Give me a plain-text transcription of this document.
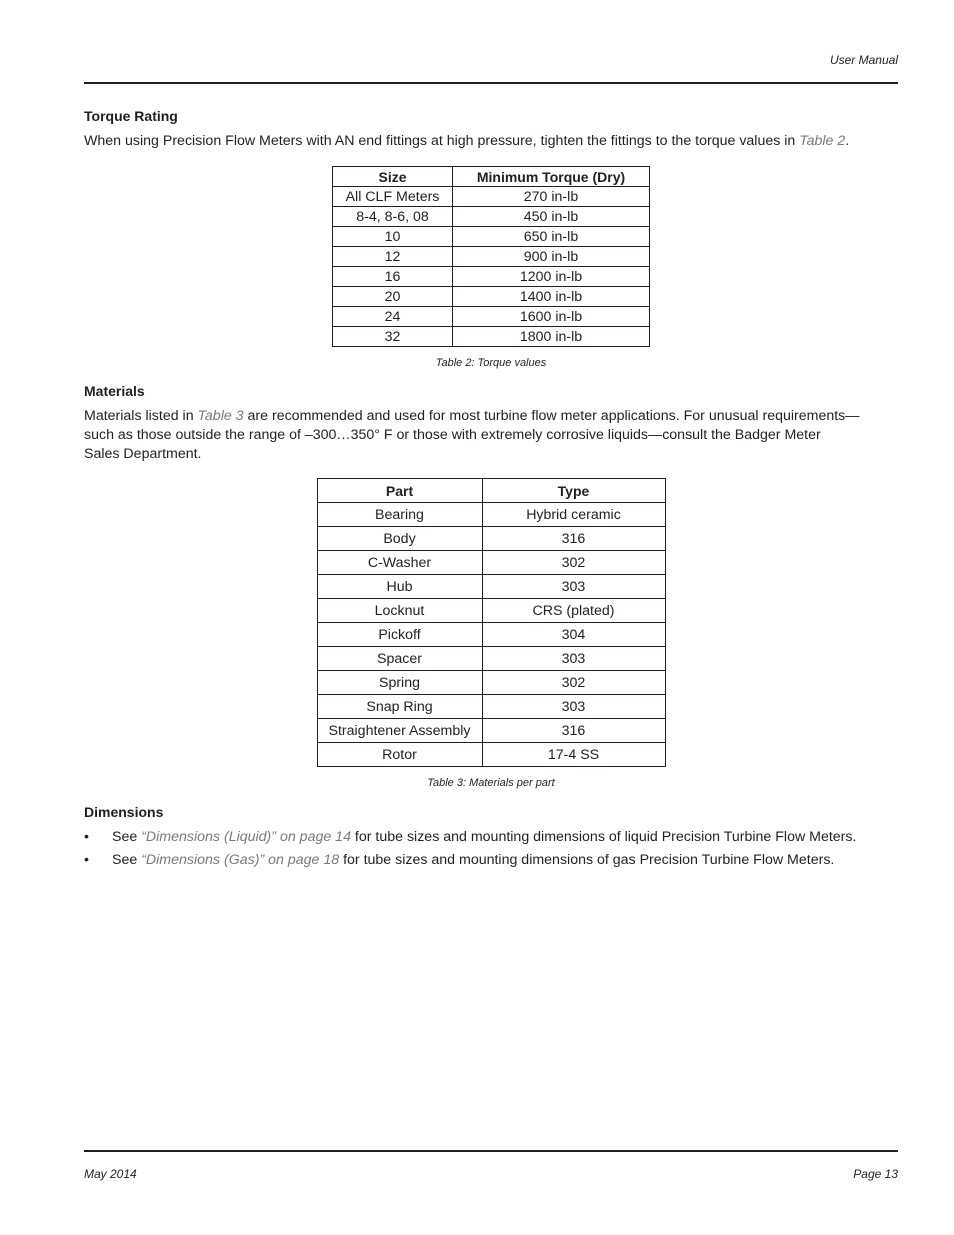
User Manual
Torque Rating

When using Precision Flow Meters with AN end fittings at high pressure, tighten the fittings to the torque values in Table 2.

Size	Minimum Torque (Dry)
All CLF Meters	270 in-lb
8-4, 8-6, 08	450 in-lb
10	650 in-lb
12	900 in-lb
16	1200 in-lb
20	1400 in-lb
24	1600 in-lb
32	1800 in-lb
Table 2: Torque values
Materials

Materials listed in Table 3 are recommended and used for most turbine flow meter applications. For unusual requirements—
such as those outside the range of –300…350° F or those with extremely corrosive liquids—consult the Badger Meter
Sales Department.

Part	Type
Bearing	Hybrid ceramic
Body	316
C-Washer	302
Hub	303
Locknut	CRS (plated)
Pickoff	304
Spacer	303
Spring	302
Snap Ring	303
Straightener Assembly	316
Rotor	17-4 SS
Table 3: Materials per part
Dimensions
• See “Dimensions (Liquid)” on page 14 for tube sizes and mounting dimensions of liquid Precision Turbine Flow Meters.
• See “Dimensions (Gas)” on page 18 for tube sizes and mounting dimensions of gas Precision Turbine Flow Meters.
May 2014	Page 13
